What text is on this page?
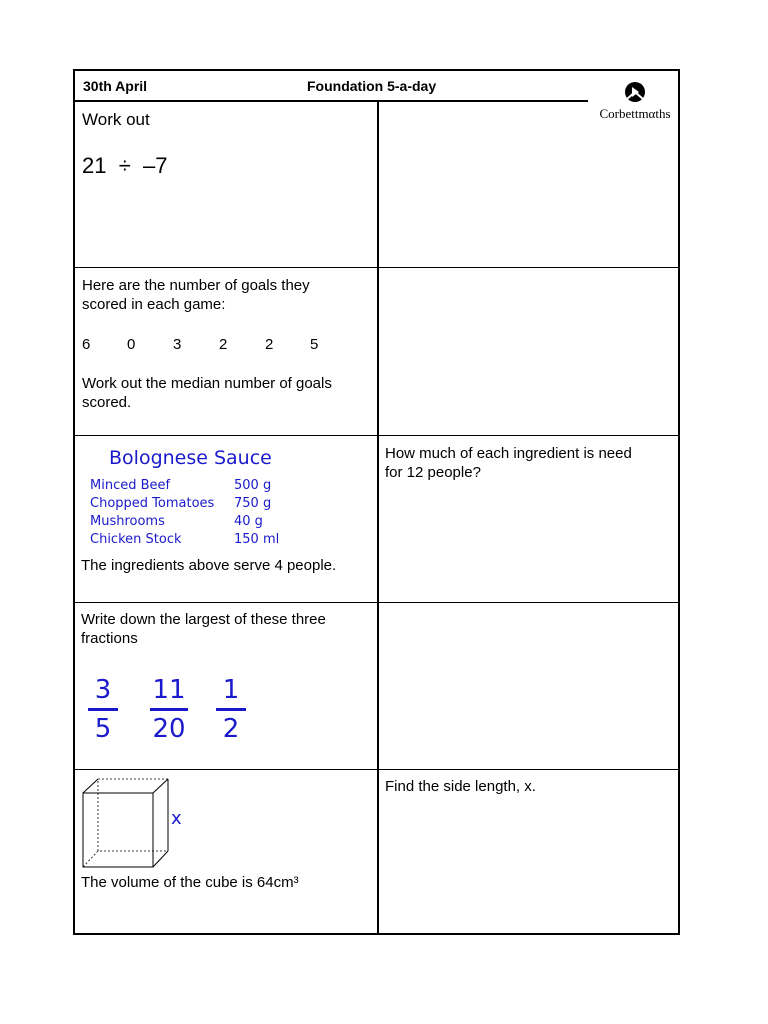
30th April	Foundation 5-a-day
Corbettmαths
Work out
21  ÷  –7
Here are the number of goals they
scored in each game:
6 0	3	2	2 5
Work out the median number of goals
scored.
Bolognese Sauce
Minced Beef	500 g
Chopped Tomatoes 750 g
Mushrooms	40 g
Chicken Stock	150 ml
The ingredients above serve 4 people.
How much of each ingredient is need
for 12 people?
Write down the largest of these three
fractions
3
5
11
20
1
2
x
The volume of the cube is 64cm³
Find the side length, x.
